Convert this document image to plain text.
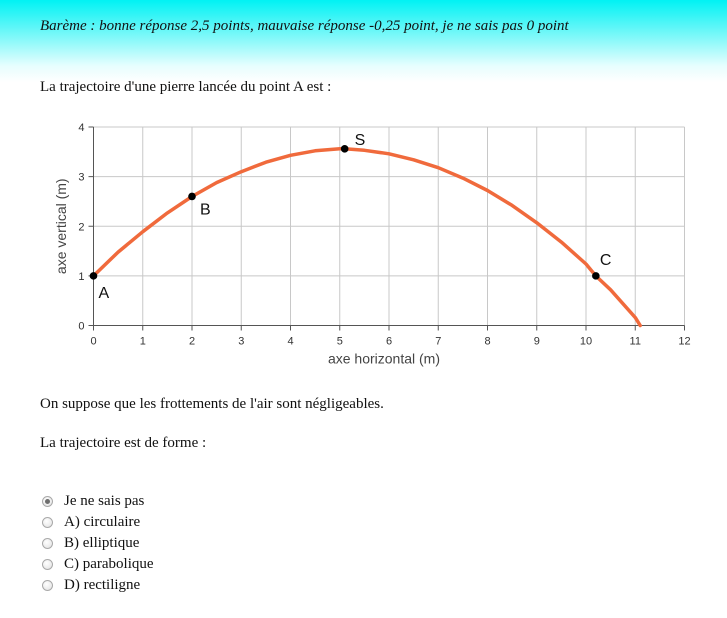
Barème : bonne réponse 2,5 points, mauvaise réponse -0,25 point, je ne sais pas 0 point
La trajectoire d'une pierre lancée du point A est :
0	1	2	3	4	5	6	7	8	9	10	11	12
0
1
2
3
4
axe horizontal (m)
axe vertical (m)
A
B
S
C
On suppose que les frottements de l'air sont négligeables.
La trajectoire est de forme :
Je ne sais pas
A) circulaire
B) elliptique
C) parabolique
D) rectiligne
